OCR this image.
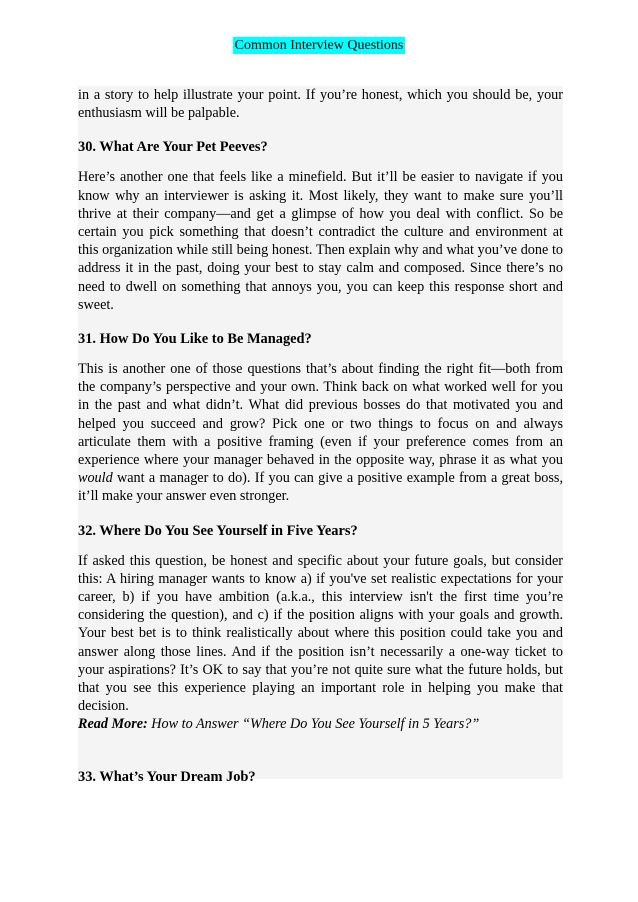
Common Interview Questions

in a story to help illustrate your point. If you’re honest, which you should be, your enthusiasm will be palpable.

30. What Are Your Pet Peeves?

Here’s another one that feels like a minefield. But it’ll be easier to navigate if you know why an interviewer is asking it. Most likely, they want to make sure you’ll thrive at their company—and get a glimpse of how you deal with conflict. So be certain you pick something that doesn’t contradict the culture and environment at this organization while still being honest. Then explain why and what you’ve done to address it in the past, doing your best to stay calm and composed. Since there’s no need to dwell on something that annoys you, you can keep this response short and sweet.

31. How Do You Like to Be Managed?

This is another one of those questions that’s about finding the right fit—both from the company’s perspective and your own. Think back on what worked well for you in the past and what didn’t. What did previous bosses do that motivated you and helped you succeed and grow? Pick one or two things to focus on and always articulate them with a positive framing (even if your preference comes from an experience where your manager behaved in the opposite way, phrase it as what you would want a manager to do). If you can give a positive example from a great boss, it’ll make your answer even stronger.

32. Where Do You See Yourself in Five Years?

If asked this question, be honest and specific about your future goals, but consider this: A hiring manager wants to know a) if you've set realistic expectations for your career, b) if you have ambition (a.k.a., this interview isn't the first time you’re considering the question), and c) if the position aligns with your goals and growth. Your best bet is to think realistically about where this position could take you and answer along those lines. And if the position isn’t necessarily a one-way ticket to your aspirations? It’s OK to say that you’re not quite sure what the future holds, but that you see this experience playing an important role in helping you make that decision.

Read More: How to Answer “Where Do You See Yourself in 5 Years?”

33. What’s Your Dream Job?
